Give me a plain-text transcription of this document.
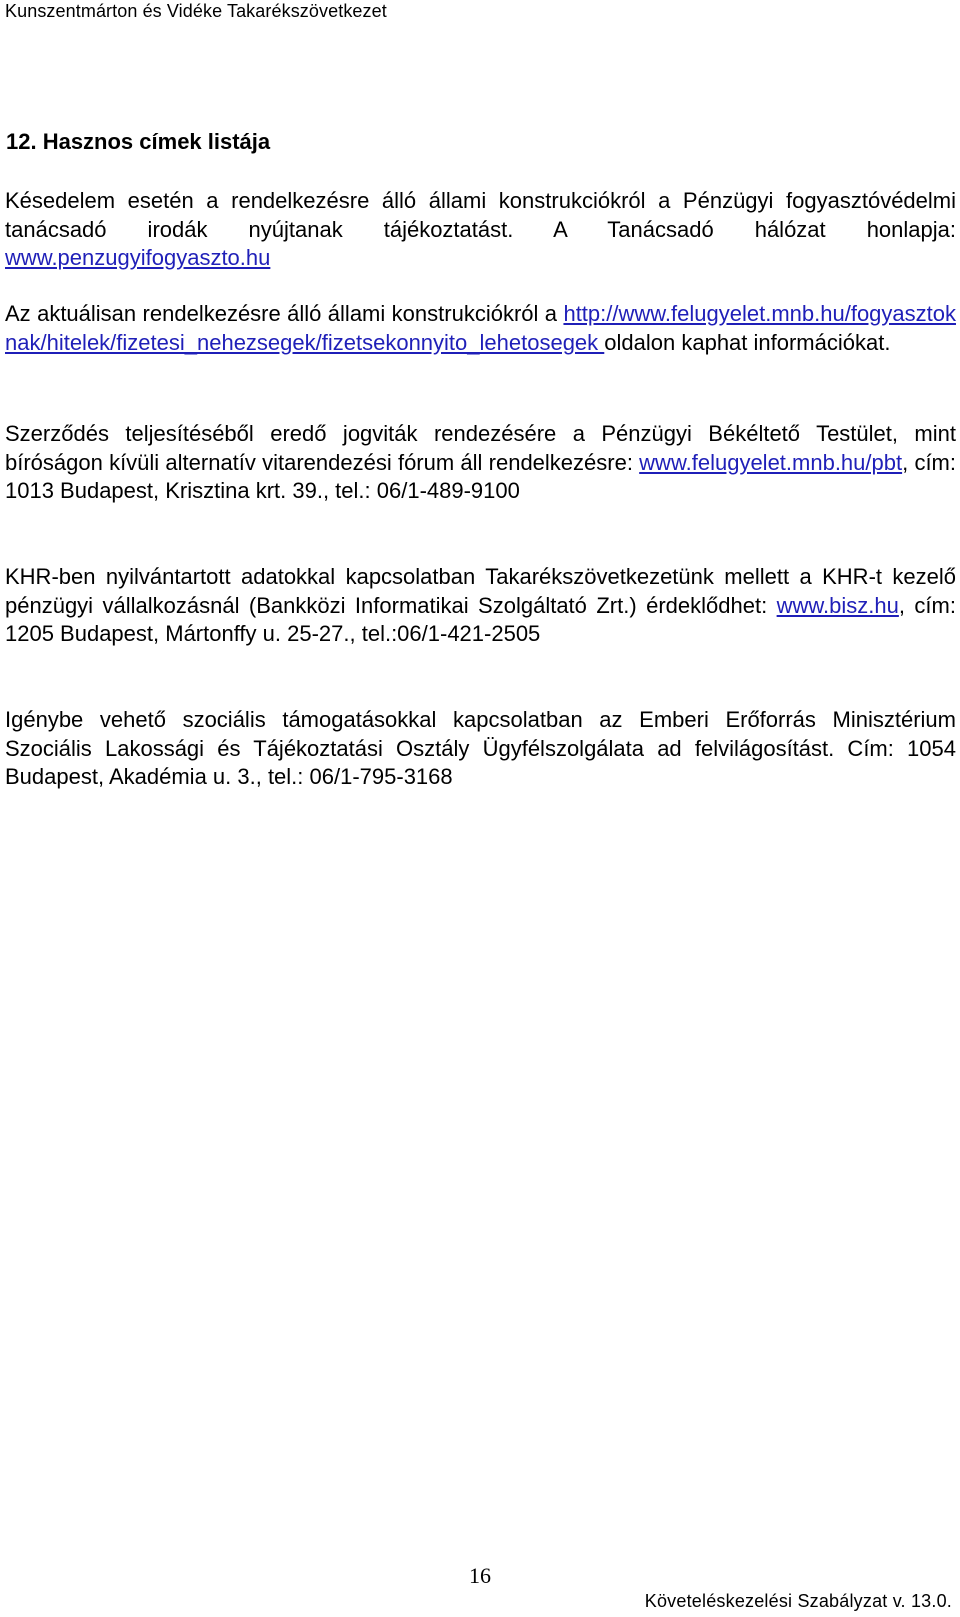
Kunszentmárton és Vidéke Takarékszövetkezet
12. Hasznos címek listája
Késedelem esetén a rendelkezésre álló állami konstrukciókról a Pénzügyi fogyasztóvédelmi tanácsadó irodák nyújtanak tájékoztatást. A Tanácsadó hálózat honlapja: www.penzugyifogyaszto.hu
Az aktuálisan rendelkezésre álló állami konstrukciókról a http://www.felugyelet.mnb.hu/fogyasztoknak/hitelek/fizetesi_nehezsegek/fizetsekonnyito_lehetosegek oldalon kaphat információkat.
Szerződés teljesítéséből eredő jogviták rendezésére a Pénzügyi Békéltető Testület, mint bíróságon kívüli alternatív vitarendezési fórum áll rendelkezésre: www.felugyelet.mnb.hu/pbt, cím: 1013 Budapest, Krisztina krt. 39., tel.: 06/1-489-9100
KHR-ben nyilvántartott adatokkal kapcsolatban Takarékszövetkezetünk mellett a KHR-t kezelő pénzügyi vállalkozásnál (Bankközi Informatikai Szolgáltató Zrt.) érdeklődhet: www.bisz.hu, cím: 1205 Budapest, Mártonffy u. 25-27., tel.:06/1-421-2505
Igénybe vehető szociális támogatásokkal kapcsolatban az Emberi Erőforrás Minisztérium Szociális Lakossági és Tájékoztatási Osztály Ügyfélszolgálata ad felvilágosítást. Cím: 1054 Budapest, Akadémia u. 3., tel.: 06/1-795-3168
16
Követeléskezelési Szabályzat v. 13.0.
